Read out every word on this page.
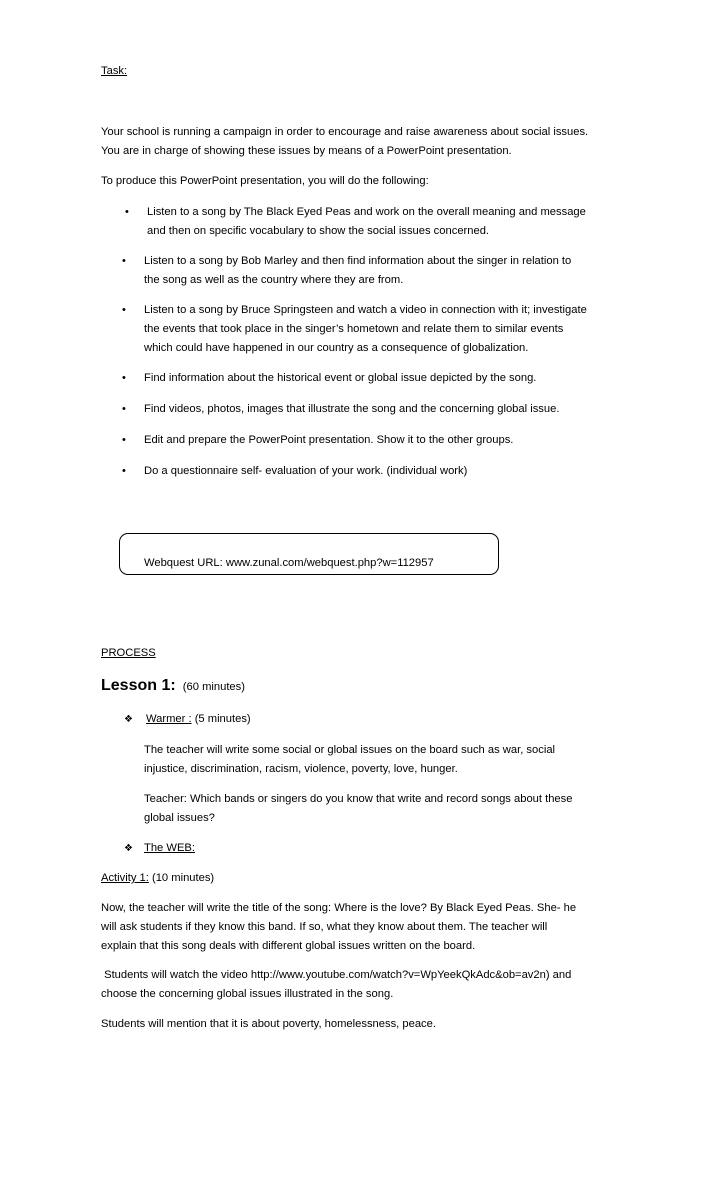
Task:
Your school is running a campaign in order to encourage and raise awareness about social issues.
You are in charge of showing these issues by means of a PowerPoint presentation.
To produce this PowerPoint presentation, you will do the following:
• Listen to a song by The Black Eyed Peas and work on the overall meaning and message
and then on specific vocabulary to show the social issues concerned.
• Listen to a song by Bob Marley and then find information about the singer in relation to
the song as well as the country where they are from.
• Listen to a song by Bruce Springsteen and watch a video in connection with it; investigate
the events that took place in the singer’s hometown and relate them to similar events
which could have happened in our country as a consequence of globalization.
• Find information about the historical event or global issue depicted by the song.
• Find videos, photos, images that illustrate the song and the concerning global issue.
• Edit and prepare the PowerPoint presentation. Show it to the other groups.
• Do a questionnaire self- evaluation of your work. (individual work)
Webquest URL: www.zunal.com/webquest.php?w=112957
PROCESS
Lesson 1: (60 minutes)
❖ Warmer : (5 minutes)
The teacher will write some social or global issues on the board such as war, social
injustice, discrimination, racism, violence, poverty, love, hunger.
Teacher: Which bands or singers do you know that write and record songs about these
global issues?
❖ The WEB:
Activity 1: (10 minutes)
Now, the teacher will write the title of the song: Where is the love? By Black Eyed Peas. She- he
will ask students if they know this band. If so, what they know about them. The teacher will
explain that this song deals with different global issues written on the board.
Students will watch the video http://www.youtube.com/watch?v=WpYeekQkAdc&ob=av2n) and
choose the concerning global issues illustrated in the song.
Students will mention that it is about poverty, homelessness, peace.
